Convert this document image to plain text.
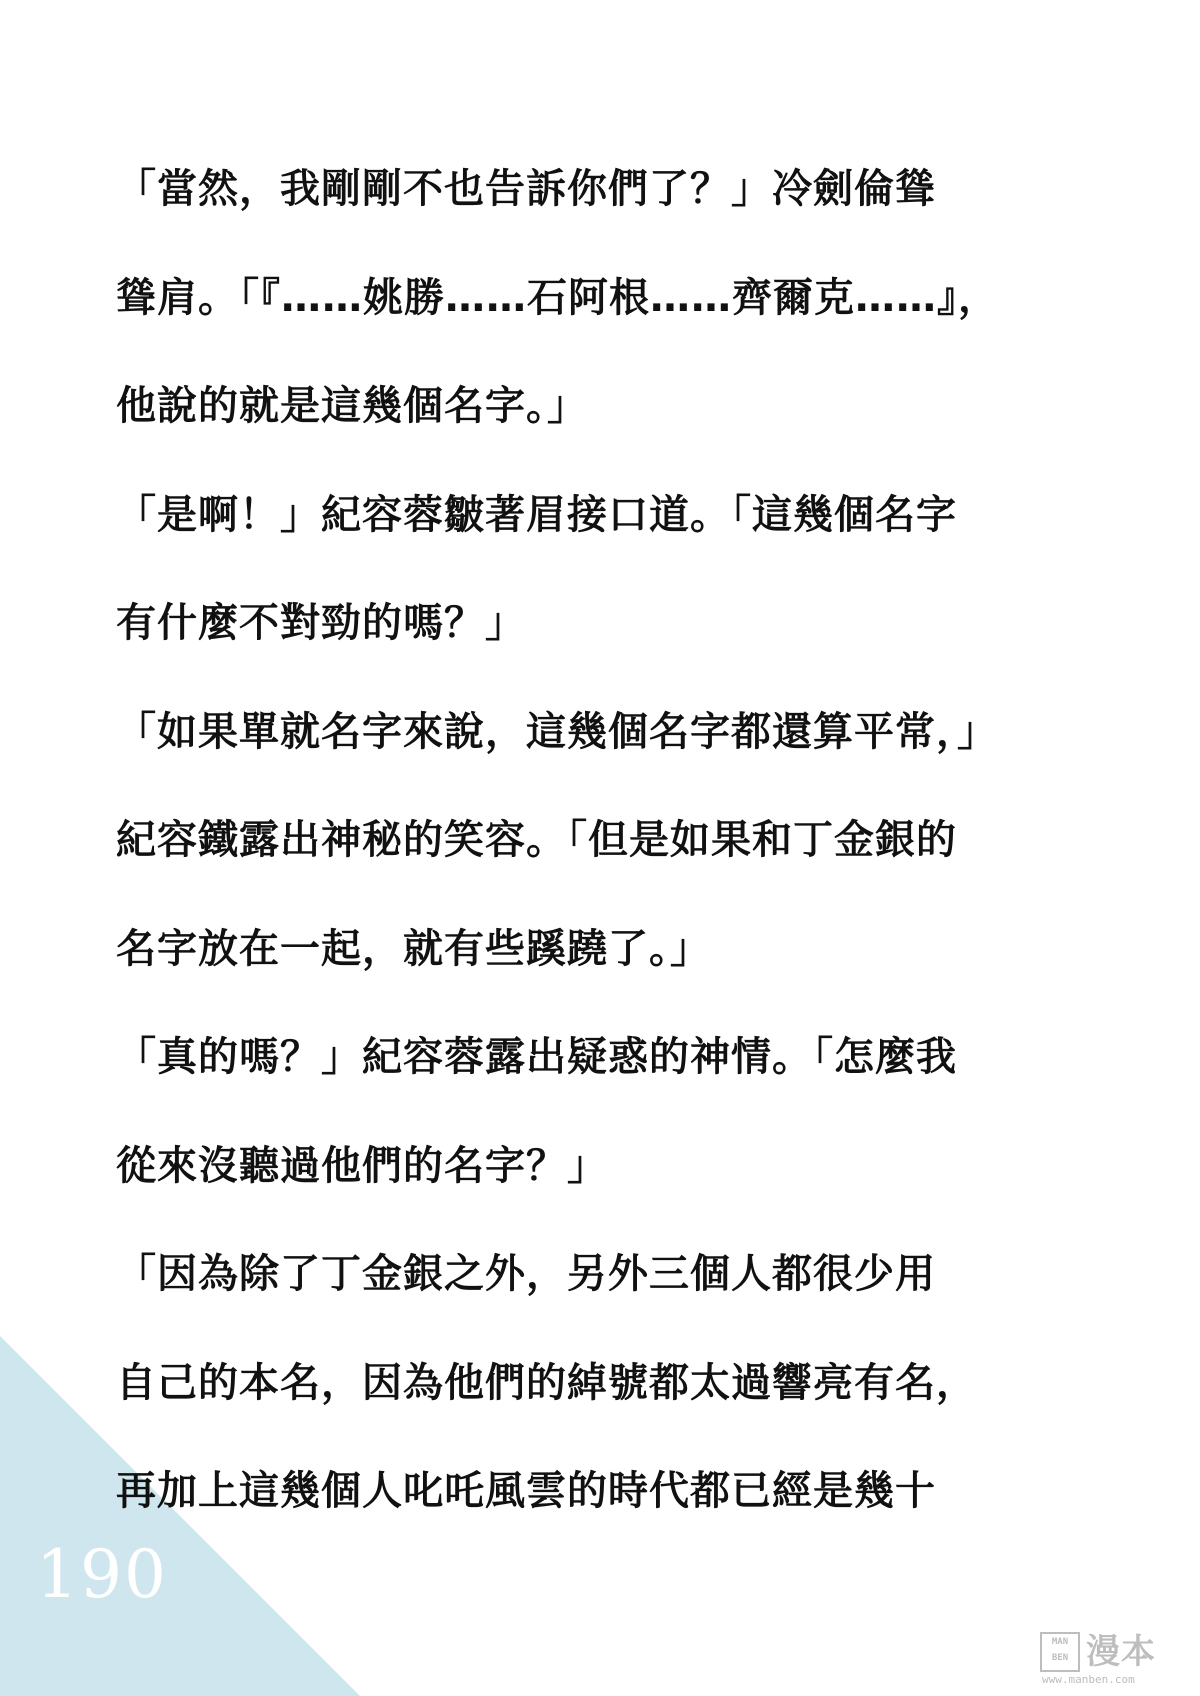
「當然，我剛剛不也告訴你們了？」冷劍倫聳
聳肩。「『……姚勝……石阿根……齊爾克……』，
他說的就是這幾個名字。」
「是啊！」紀容蓉皺著眉接口道。「這幾個名字
有什麼不對勁的嗎？」
「如果單就名字來說，這幾個名字都還算平常，」
紀容鐵露出神秘的笑容。「但是如果和丁金銀的
名字放在一起，就有些蹊蹺了。」
「真的嗎？」紀容蓉露出疑惑的神情。「怎麼我
從來沒聽過他們的名字？」
「因為除了丁金銀之外，另外三個人都很少用
自己的本名，因為他們的綽號都太過響亮有名，
再加上這幾個人叱吒風雲的時代都已經是幾十
190
MAN BEN 漫本
www.manben.com
